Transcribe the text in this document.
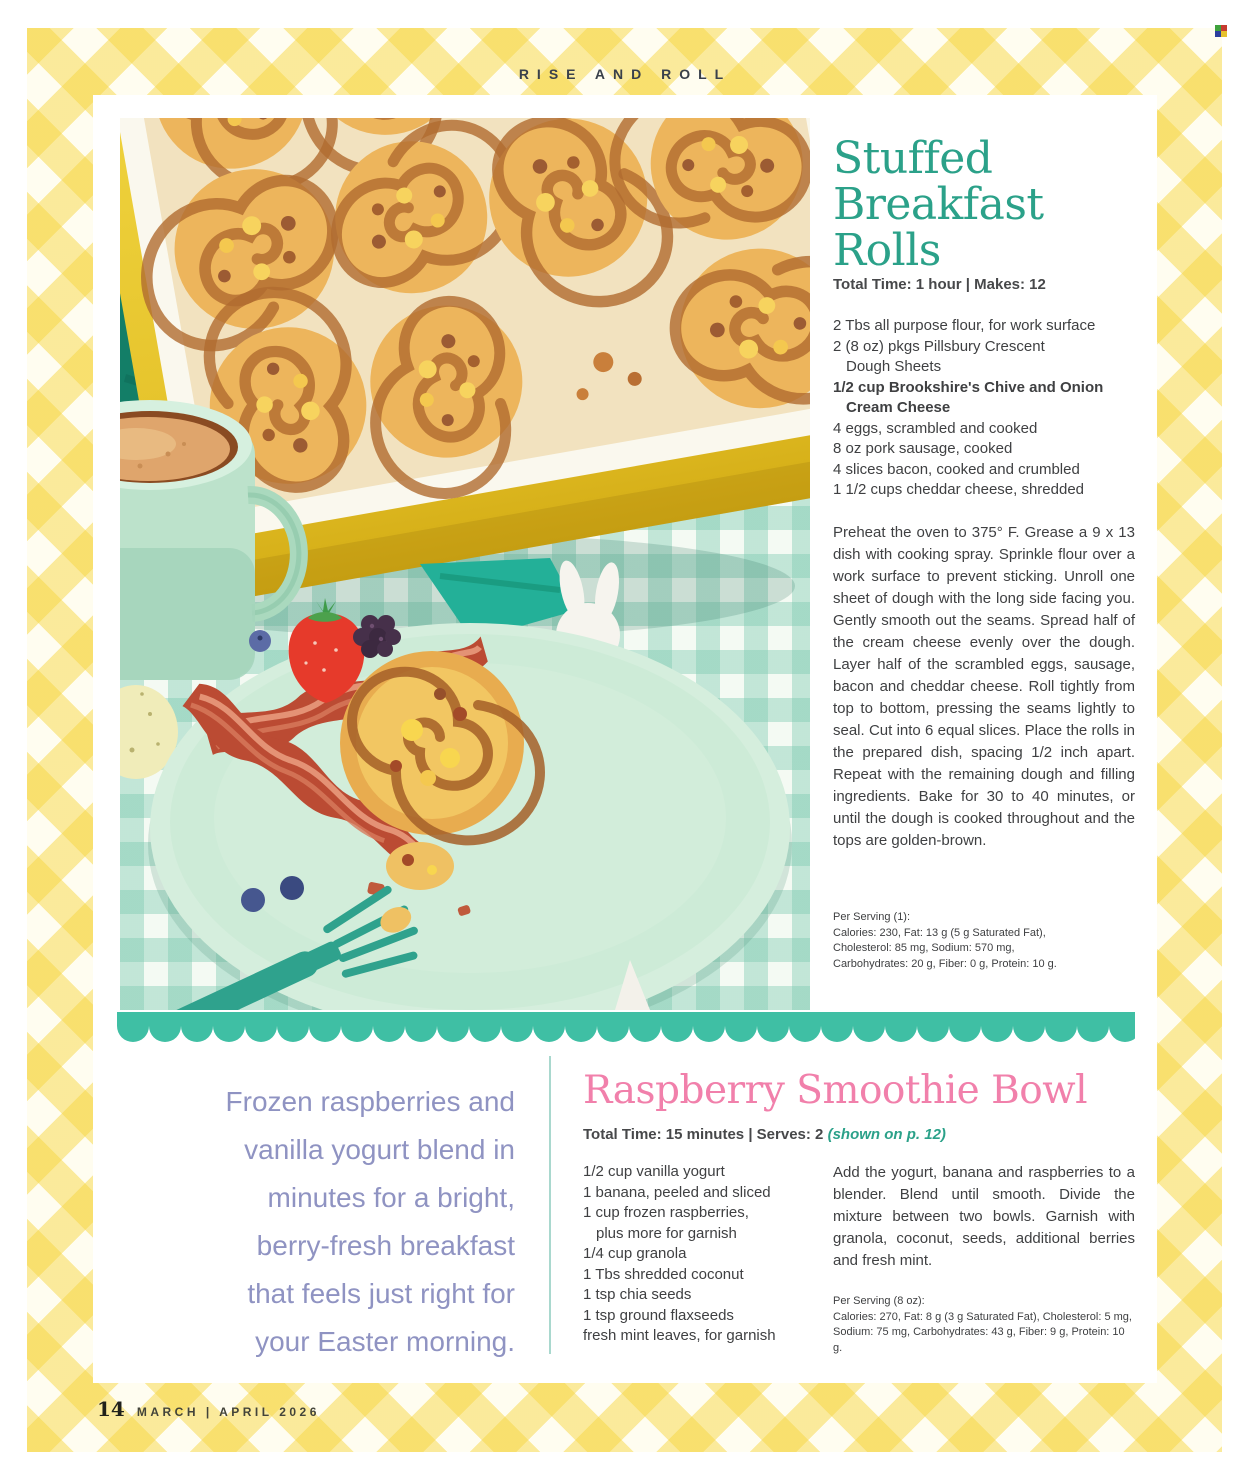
RISE AND ROLL
Stuffed
Breakfast
Rolls
Total Time: 1 hour | Makes: 12
2 Tbs all purpose flour, for work surface
2 (8 oz) pkgs Pillsbury Crescent
Dough Sheets
1/2 cup Brookshire's Chive and Onion
Cream Cheese
4 eggs, scrambled and cooked
8 oz pork sausage, cooked
4 slices bacon, cooked and crumbled
1 1/2 cups cheddar cheese, shredded
Preheat the oven to 375° F. Grease a 9 x 13 dish with cooking spray. Sprinkle flour over a work surface to prevent sticking. Unroll one sheet of dough with the long side facing you. Gently smooth out the seams. Spread half of the cream cheese evenly over the dough. Layer half of the scrambled eggs, sausage, bacon and cheddar cheese. Roll tightly from top to bottom, pressing the seams lightly to seal. Cut into 6 equal slices. Place the rolls in the prepared dish, spacing 1/2 inch apart. Repeat with the remaining dough and filling ingredients. Bake for 30 to 40 minutes, or until the dough is cooked throughout and the tops are golden-brown.
Per Serving (1):
Calories: 230, Fat: 13 g (5 g Saturated Fat),
Cholesterol: 85 mg, Sodium: 570 mg,
Carbohydrates: 20 g, Fiber: 0 g, Protein: 10 g.
Frozen raspberries and
vanilla yogurt blend in
minutes for a bright,
berry-fresh breakfast
that feels just right for
your Easter morning.
Raspberry Smoothie Bowl
Total Time: 15 minutes | Serves: 2 (shown on p. 12)
1/2 cup vanilla yogurt
1 banana, peeled and sliced
1 cup frozen raspberries,
plus more for garnish
1/4 cup granola
1 Tbs shredded coconut
1 tsp chia seeds
1 tsp ground flaxseeds
fresh mint leaves, for garnish
Add the yogurt, banana and raspberries to a blender. Blend until smooth. Divide the mixture between two bowls. Garnish with granola, coconut, seeds, additional berries and fresh mint.
Per Serving (8 oz):
Calories: 270, Fat: 8 g (3 g Saturated Fat), Cholesterol: 5 mg,
Sodium: 75 mg, Carbohydrates: 43 g, Fiber: 9 g, Protein: 10 g.
14 MARCH | APRIL 2026
